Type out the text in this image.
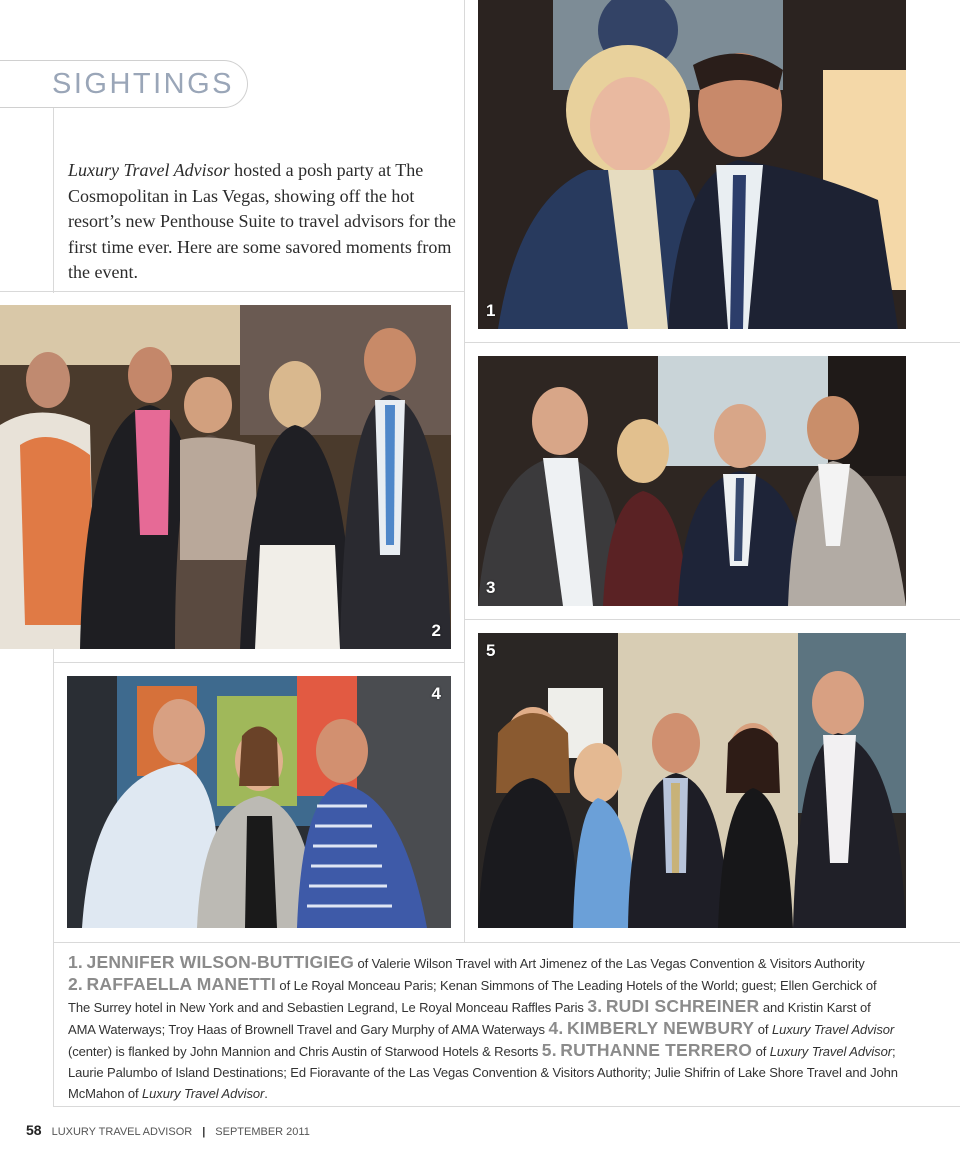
SIGHTINGS

Luxury Travel Advisor hosted a posh party at The Cosmopolitan in Las Vegas, showing off the hot resort’s new Penthouse Suite to travel advisors for the first time ever. Here are some savored moments from the event.

1
2
3
4
5
1. JENNIFER WILSON-BUTTIGIEG of Valerie Wilson Travel with Art Jimenez of the Las Vegas Convention & Visitors Authority
2. RAFFAELLA MANETTI of Le Royal Monceau Paris; Kenan Simmons of The Leading Hotels of the World; guest; Ellen Gerchick of The Surrey hotel in New York and and Sebastien Legrand, Le Royal Monceau Raffles Paris 3. RUDI SCHREINER and Kristin Karst of AMA Waterways; Troy Haas of Brownell Travel and Gary Murphy of AMA Waterways 4. KIMBERLY NEWBURY of Luxury Travel Advisor (center) is flanked by John Mannion and Chris Austin of Starwood Hotels & Resorts 5. RUTHANNE TERRERO of Luxury Travel Advisor; Laurie Palumbo of Island Destinations; Ed Fioravante of the Las Vegas Convention & Visitors Authority; Julie Shifrin of Lake Shore Travel and John McMahon of Luxury Travel Advisor.
58 LUXURY TRAVEL ADVISOR | SEPTEMBER 2011
